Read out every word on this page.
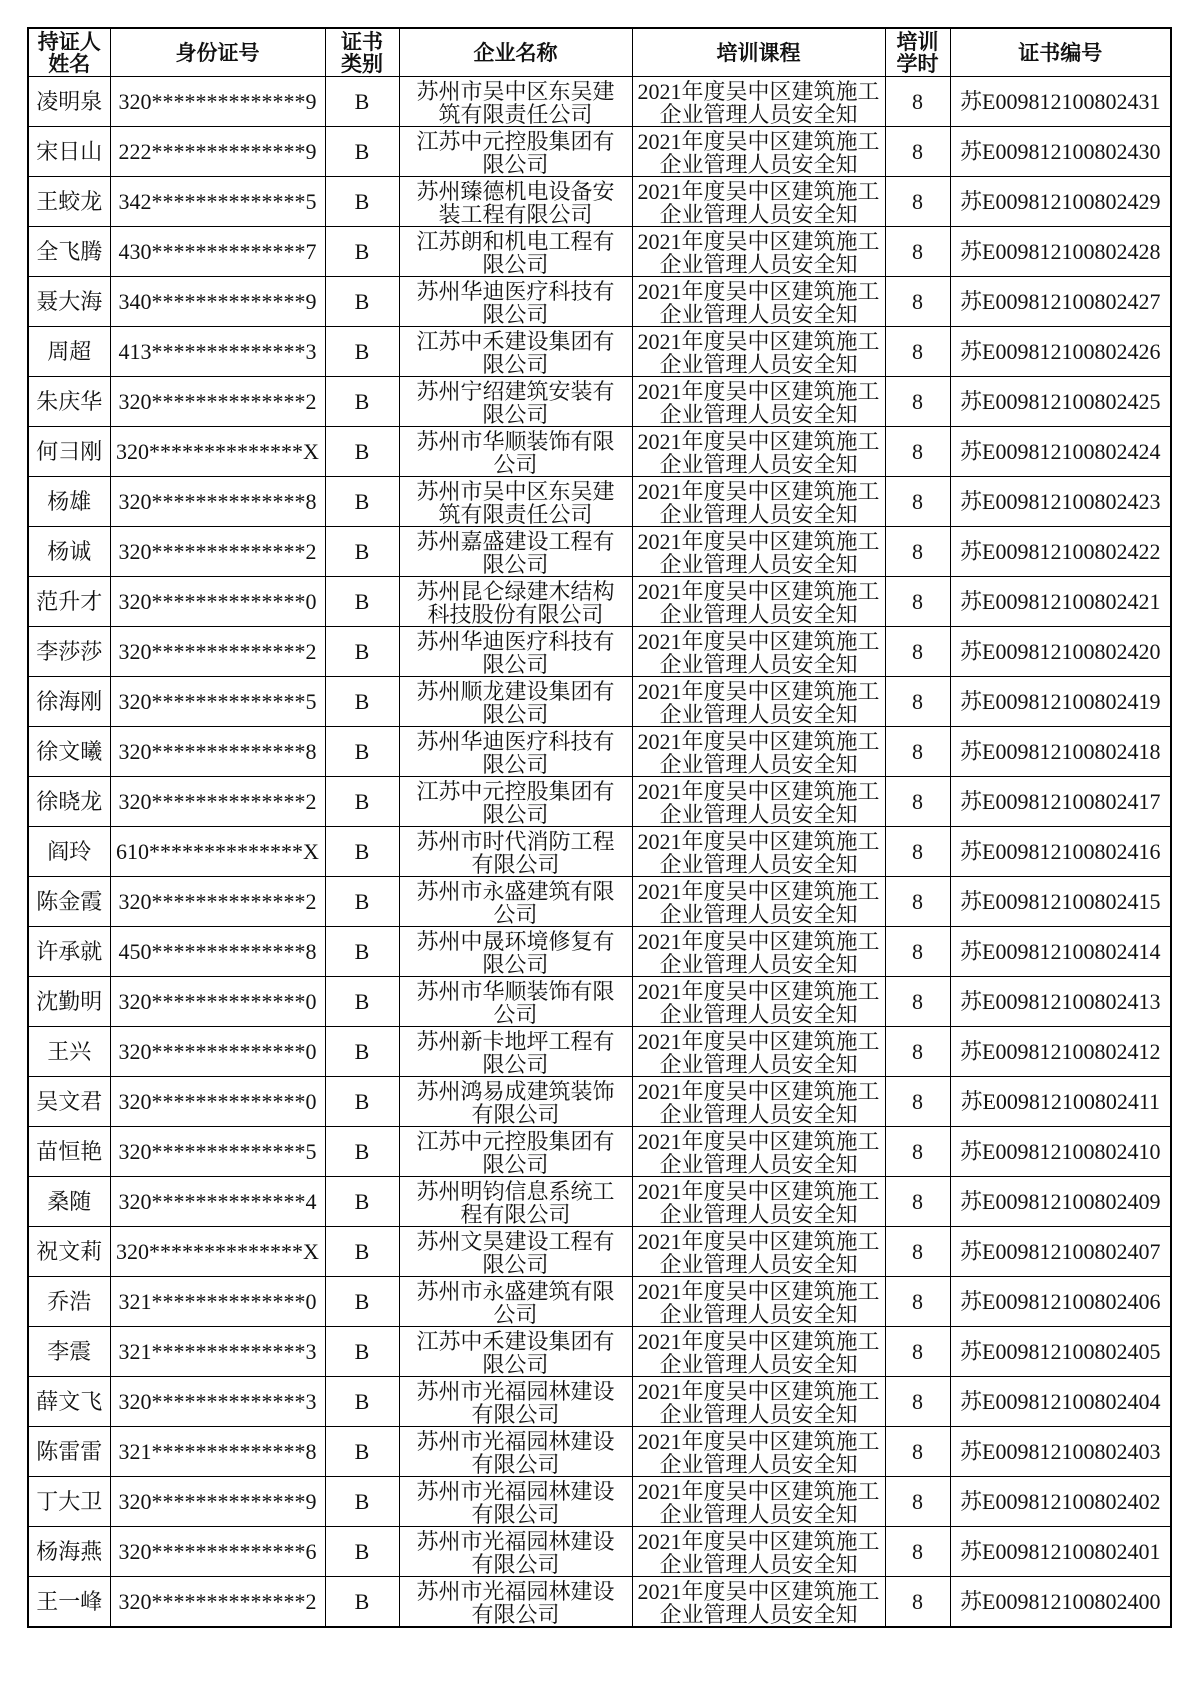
持证人姓名	身份证号	证书类别	企业名称	培训课程	培训学时	证书编号
凌明泉	320**************9	B	苏州市吴中区东吴建筑有限责任公司	2021年度吴中区建筑施工企业管理人员安全知	8	苏E009812100802431
宋日山	222**************9	B	江苏中元控股集团有限公司	2021年度吴中区建筑施工企业管理人员安全知	8	苏E009812100802430
王蛟龙	342**************5	B	苏州臻德机电设备安装工程有限公司	2021年度吴中区建筑施工企业管理人员安全知	8	苏E009812100802429
全飞腾	430**************7	B	江苏朗和机电工程有限公司	2021年度吴中区建筑施工企业管理人员安全知	8	苏E009812100802428
聂大海	340**************9	B	苏州华迪医疗科技有限公司	2021年度吴中区建筑施工企业管理人员安全知	8	苏E009812100802427
周超	413**************3	B	江苏中禾建设集团有限公司	2021年度吴中区建筑施工企业管理人员安全知	8	苏E009812100802426
朱庆华	320**************2	B	苏州宁绍建筑安装有限公司	2021年度吴中区建筑施工企业管理人员安全知	8	苏E009812100802425
何彐刚	320**************X	B	苏州市华顺装饰有限公司	2021年度吴中区建筑施工企业管理人员安全知	8	苏E009812100802424
杨雄	320**************8	B	苏州市吴中区东吴建筑有限责任公司	2021年度吴中区建筑施工企业管理人员安全知	8	苏E009812100802423
杨诚	320**************2	B	苏州嘉盛建设工程有限公司	2021年度吴中区建筑施工企业管理人员安全知	8	苏E009812100802422
范升才	320**************0	B	苏州昆仑绿建木结构科技股份有限公司	2021年度吴中区建筑施工企业管理人员安全知	8	苏E009812100802421
李莎莎	320**************2	B	苏州华迪医疗科技有限公司	2021年度吴中区建筑施工企业管理人员安全知	8	苏E009812100802420
徐海刚	320**************5	B	苏州顺龙建设集团有限公司	2021年度吴中区建筑施工企业管理人员安全知	8	苏E009812100802419
徐文曦	320**************8	B	苏州华迪医疗科技有限公司	2021年度吴中区建筑施工企业管理人员安全知	8	苏E009812100802418
徐晓龙	320**************2	B	江苏中元控股集团有限公司	2021年度吴中区建筑施工企业管理人员安全知	8	苏E009812100802417
阎玲	610**************X	B	苏州市时代消防工程有限公司	2021年度吴中区建筑施工企业管理人员安全知	8	苏E009812100802416
陈金霞	320**************2	B	苏州市永盛建筑有限公司	2021年度吴中区建筑施工企业管理人员安全知	8	苏E009812100802415
许承就	450**************8	B	苏州中晟环境修复有限公司	2021年度吴中区建筑施工企业管理人员安全知	8	苏E009812100802414
沈勤明	320**************0	B	苏州市华顺装饰有限公司	2021年度吴中区建筑施工企业管理人员安全知	8	苏E009812100802413
王兴	320**************0	B	苏州新卡地坪工程有限公司	2021年度吴中区建筑施工企业管理人员安全知	8	苏E009812100802412
吴文君	320**************0	B	苏州鸿易成建筑装饰有限公司	2021年度吴中区建筑施工企业管理人员安全知	8	苏E009812100802411
苗恒艳	320**************5	B	江苏中元控股集团有限公司	2021年度吴中区建筑施工企业管理人员安全知	8	苏E009812100802410
桑随	320**************4	B	苏州明钧信息系统工程有限公司	2021年度吴中区建筑施工企业管理人员安全知	8	苏E009812100802409
祝文莉	320**************X	B	苏州文昊建设工程有限公司	2021年度吴中区建筑施工企业管理人员安全知	8	苏E009812100802407
乔浩	321**************0	B	苏州市永盛建筑有限公司	2021年度吴中区建筑施工企业管理人员安全知	8	苏E009812100802406
李震	321**************3	B	江苏中禾建设集团有限公司	2021年度吴中区建筑施工企业管理人员安全知	8	苏E009812100802405
薛文飞	320**************3	B	苏州市光福园林建设有限公司	2021年度吴中区建筑施工企业管理人员安全知	8	苏E009812100802404
陈雷雷	321**************8	B	苏州市光福园林建设有限公司	2021年度吴中区建筑施工企业管理人员安全知	8	苏E009812100802403
丁大卫	320**************9	B	苏州市光福园林建设有限公司	2021年度吴中区建筑施工企业管理人员安全知	8	苏E009812100802402
杨海燕	320**************6	B	苏州市光福园林建设有限公司	2021年度吴中区建筑施工企业管理人员安全知	8	苏E009812100802401
王一峰	320**************2	B	苏州市光福园林建设有限公司	2021年度吴中区建筑施工企业管理人员安全知	8	苏E009812100802400
